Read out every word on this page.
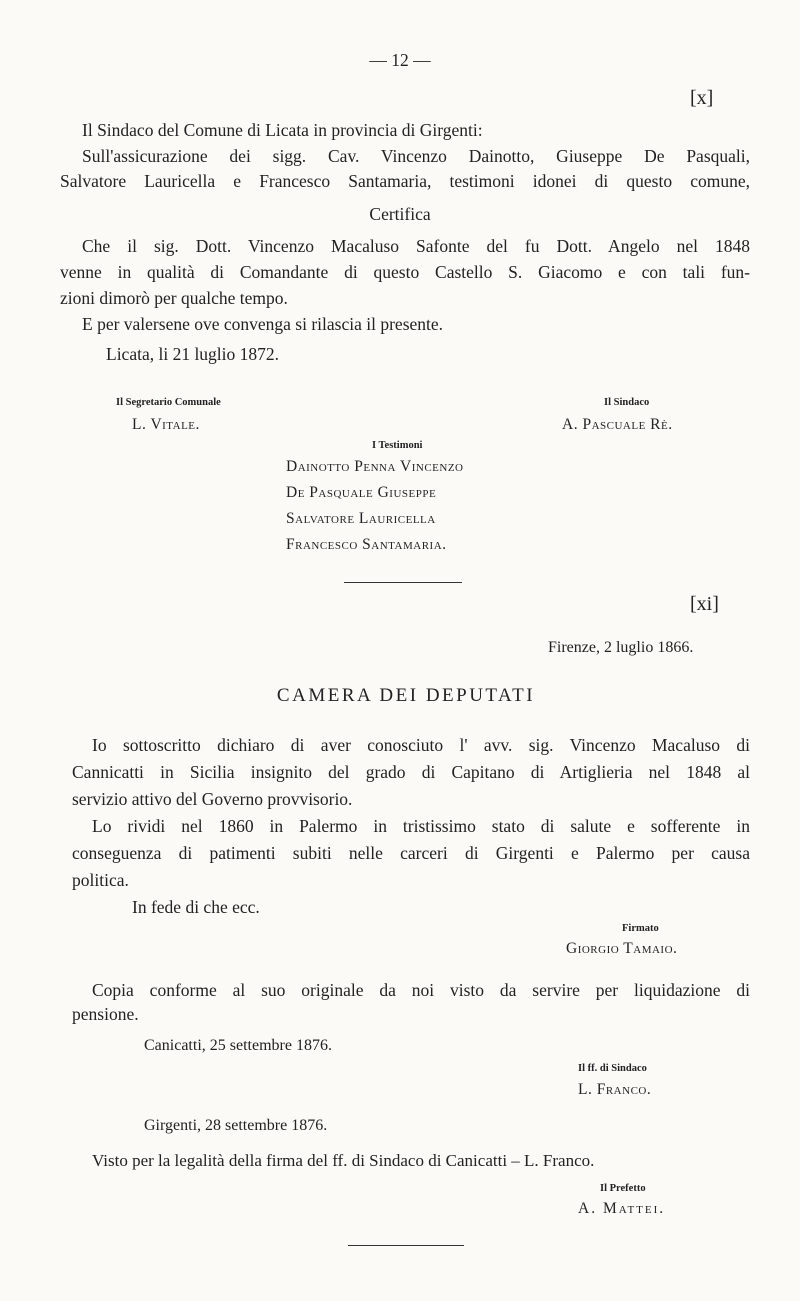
— 12 —
[x]
Il Sindaco del Comune di Licata in provincia di Girgenti:
Sull'assicurazione dei sigg. Cav. Vincenzo Dainotto, Giuseppe De Pasquali,
Salvatore Lauricella e Francesco Santamaria, testimoni idonei di questo comune,
Certifica
Che il sig. Dott. Vincenzo Macaluso Safonte del fu Dott. Angelo nel 1848
venne in qualità di Comandante di questo Castello S. Giacomo e con tali fun-
zioni dimorò per qualche tempo.
E per valersene ove convenga si rilascia il presente.
Licata, li 21 luglio 1872.
Il Segretario Comunale
L. Vitale.
Il Sindaco
A. Pascuale Rè.
I Testimoni
Dainotto Penna Vincenzo
De Pasquale Giuseppe
Salvatore Lauricella
Francesco Santamaria.
[xi]
Firenze, 2 luglio 1866.
CAMERA DEI DEPUTATI
Io sottoscritto dichiaro di aver conosciuto l' avv. sig. Vincenzo Macaluso di
Cannicatti in Sicilia insignito del grado di Capitano di Artiglieria nel 1848 al
servizio attivo del Governo provvisorio.
Lo rividi nel 1860 in Palermo in tristissimo stato di salute e sofferente in
conseguenza di patimenti subiti nelle carceri di Girgenti e Palermo per causa
politica.
In fede di che ecc.
Firmato
Giorgio Tamaio.
Copia conforme al suo originale da noi visto da servire per liquidazione di
pensione.
Canicatti, 25 settembre 1876.
Il ff. di Sindaco
L. Franco.
Girgenti, 28 settembre 1876.
Visto per la legalità della firma del ff. di Sindaco di Canicatti – L. Franco.
Il Prefetto
A. Mattei.
